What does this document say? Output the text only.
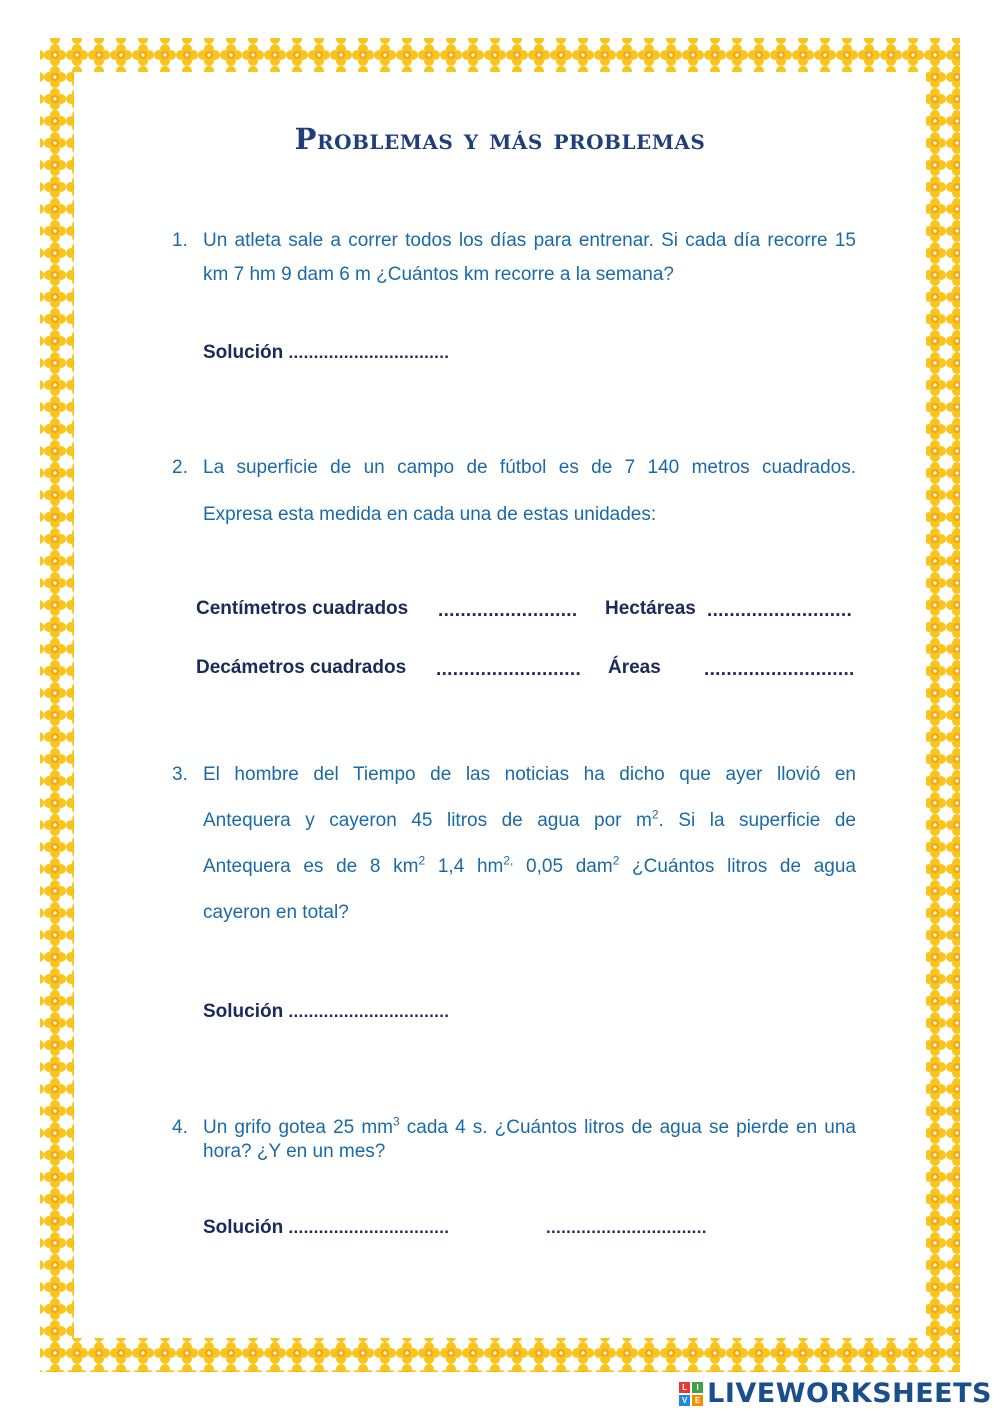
Problemas y más problemas
1. Un atleta sale a correr todos los días para entrenar. Si cada día recorre 15 km 7 hm 9 dam 6 m ¿Cuántos km recorre a la semana?
Solución ................................
2. La superficie de un campo de fútbol es de 7 140 metros cuadrados.
Expresa esta medida en cada una de estas unidades:
Centímetros cuadrados ......................... Hectáreas ..........................
Decámetros cuadrados .......................... Áreas ...........................
3. El hombre del Tiempo de las noticias ha dicho que ayer llovió en
Antequera y cayeron 45 litros de agua por $m^2$. Si la superficie de
Antequera es de 8 $km^2$ 1,4 $hm^{2,}$ 0,05 dam$^2$ ¿Cuántos litros de agua
cayeron en total?
Solución ................................
4. Un grifo gotea 25 $mm^3$ cada 4 s. ¿Cuántos litros de agua se pierde en una hora? ¿Y en un mes?
Solución ................................	................................
L	I
V E LIVEWORKSHEETS
